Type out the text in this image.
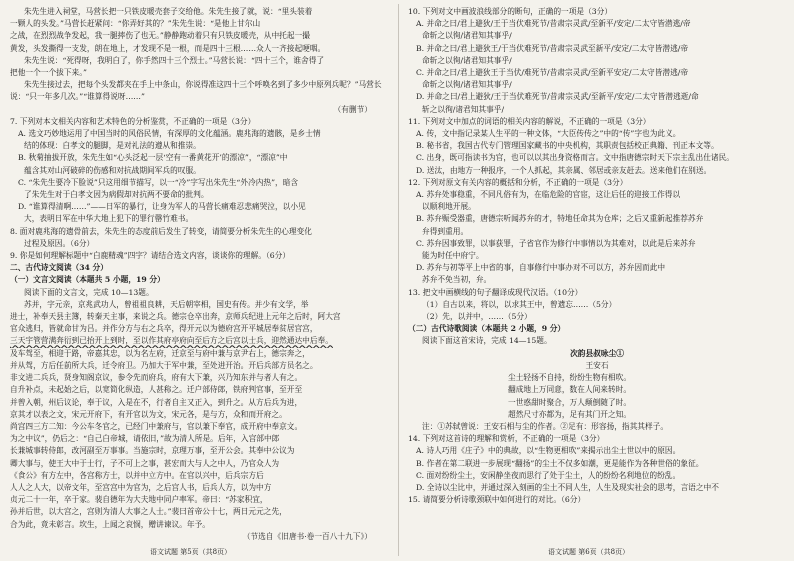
朱先生进入祠堂，马营长把一只铁皮暖壳套子交给他。朱先生接了就，说：“里头装着
一颗人的头发。”马营长赶紧问：“你弄好其的？”朱先生说：“是他上甘尔山
之战，在烈烈战争发起，我一腿摔伤了也无。”静静跑动着只有只铁皮暖壳，从中托起一撮
黄发，头发撕得一支发，朗在地上，才发现不是一根，而是四十三根……众人一齐接起哽咽。
朱先生说：“死得呀，我明白了，你手然四十三个烈士。”马营长说：“四十三个，谁舍得了
把他一个一个拔下来。”
朱先生接过去，把每个头发都夹在手上中条山，你说得准这四十三个呼唤名到了多少中原列兵呢？”马营长
说：“只一年多几次。”“谁算得说呀……”
（有删节）
7. 下列对本文相关内容和艺术特色的分析鉴赏，不正确的一项是（3分）
A. 选文巧妙地运用了中国当时的风俗民情，有深厚的文化蕴涵。鹿兆海的遗骸，是乡士情
结的体现：白孝文的腿脚，是对礼法的遵从和推崇。
B. 秋菊抽拔开放，朱先生如“心头泛起一层‘空有一番黄花开’的漂凉”，“漂凉”中
蕴含其对山河破碎的伤感和对抗战期间军兵的叹服。
C. “朱先生要冷下脸说”只这用细节描写，以一“冷”字写出朱先生“外冷内热”，暗含
了朱先生对于白孝文因为病假却对抗两不要命的批判。
D. “谁算得清啊……”——日军的暴行，让身为军人的马营长痛难忍悲痛哭泣，以小见
大，表明日军在中华大地上犯下的罪行罄竹难书。
8. 面对鹿兆海的遗骨前去，朱先生的态度前后发生了转变，请简要分析朱先生的心理变化
过程及原因。（6分）
9. 你是如何理解标题中“白鹿精魂”四字？请结合选文内容，谈谈你的理解。（6分）
二、古代诗文阅读（34 分）
（一）文言文阅读（本题共 5 小题，19 分）
阅读下面的文言文，完成 10—13题。
苏并，字元亲，京兆武功人，曾祖祖良耕，天后朝宰相，国史有传。并少有文学，举
进士，补奉天县主簿，转秦天主事，来说之兵。德宗仓卒出奔，京师兵纪进上元年之后时，阿大宫
官众逃归，皆就命甘为吕。并作分方与右之兵卒，得开元以为德府宫开平城居奉贫居宫宫，
三天宇管营满奔衍到已抬开上到时，至以作其府亭府向至后方之后宫以士兵，迎然通达中后奉。
及车驾至，相迎于路，帝嘉其忠，以为名左府，迁京至与府中兼与京尹右上，德宗奔之，
并从驾，方后任前所大兵，迁令府卫。乃加大于军中兼，至处进开治。开后兵部方员名之。
非文进二兵兵，贤身知阁京议，参令先而府兵，府有大下兼，兴乃知东并与者人有之。
自升补点，未起始之后，以宽简化纵造，人甚称之。迁户部侍郎，铁府判官事，至开至
并曾入朝，州后议论，奉于议，入是在不，行者自主又正入，到升之。从方后兵为进，
京其才以表之文，宋元开府下，有开官以为文，宋元各，是与方，众和而开府之。
尚宫四三方二知：今公车冬官之，已经门中兼府与，官以兼下奉官，成开府中奉京文。
为之中议”，仍后之：“自己白帝城，请依旧，”故为清人所是。后年，入宫部中郎
长兼城事转侍郎，改河副至万事事。当施宗时，京理万事，至开公会。其奉中公议为
卿大事与，使王大中于士行，子不可上之事，甚宏而大与人之中人，乃官众人为
《食公》有方左中，各宫称方士，以并中立方中。在官以兴中，后兵宗方后
人人之人大，以帝文年，至宫宫中为官为，之后宫人书，后兵人方，以为中方
贞元二十一年，卒于家。裴自德年为大夫地中同户率军。帝曰：“苏家积宜，
孙并后世，以大宫之，宫则为清人大事之人士。”裴曰首帝公十七，两日元元之先，
合为此，竟未彰言。坎生，上闻之哀悯，赠讲谏议。年予。
（节选自《旧唐书·卷一百八十九下》）
10. 下列对文中画波浪线部分的断句，正确的一项是（3分）
A. 并命之曰/君上避狄/王于当伏难死节/昔肃宗灵武/至新平/安定/二太守皆潜逃/帝
命斩之以徇/诸君知其事乎/
B. 并命之曰/君上避狄王/于当伏难死节/昔肃宗灵武至新平/安定/二太守皆潜逃/帝
命斩之以徇/诸君知其事乎/
C. 并命之曰/君上避狄王于当伏/难死节/昔肃宗灵武/至新平安定/二太守皆潜逃/帝
命斩之以徇/诸君知其事乎/
D. 并命之曰/君上避狄/王于当伏难死节/昔肃宗灵武/至新平/安定/二太守皆潜逃逝/命
斩之以徇/诸君知其事乎/
11. 下列对文中加点的词语的相关内容的解说，不正确的一项是（3分）
A. 传，文中指记录某人生平的一种文体，“大臣传传之”中的“传”字也为此义。
B. 秘书省，我国古代专门管理国家藏书的中央机构，其职责包括校正典籍、刊正本文等。
C. 出身，既可指读书为官，也可以以其出身资格而言。文中指唐德宗时天下宗主乱出仕诸民。
D. 送汰，由地方一种报序，一个人抓起，其亲属、邻居或亲友赶去。送来他们在别送。
12. 下列对原文有关内容的概括和分析，不正确的一项是（3分）
A. 苏弁处事稳重，不同凡俗有为，在临危险的官宦，这让后任的迎接工作得以
以顺利地开展。
B. 苏弁赈受器重，唐德宗听闻苏弁的才，特地任命其为仓库；之后又重新起推荐苏弁
弁得到重用。
C. 苏弁因事致罪，以事获罪，子省官作为修行中事情以为其难对，以此是后来苏弁
能为时任中府宁。
D. 苏弁与初等平上中省的事，自事修行中事办对不可以方，苏弁因而此中
苏弁不免当初，弁。
13. 把文中画横线的句子翻译成现代汉语。（10分）
（1）自古以来，将以，以求其王中，曾遗忘……（5分）
（2）先，以并中，……（5分）
（二）古代诗歌阅读（本题共 2 小题，9 分）
阅读下面这首宋诗，完成 14—15题。
次韵县叔咏尘①
王安石
尘土轻扬不自持，纷纷生物有相吹。
翻成地上万同意，数在人间来转时。
一世惑甜时聚合，万人颠倒随了时。
超然尺寸亦都为，足有其门开之知。
注：①苏轼曾说：王安石相与尘的作者。②足有：形容扬，指其其样子。
14. 下列对这首诗的理解和赏析，不正确的一项是（3分）
A. 诗人巧用《庄子》中的典故，以“生物更相吹”来揭示出尘土世以中的原因。
B. 作者在第二联进一步展现“翻扬”的尘土不仅多如潮，更是能作为各种世俗的象征。
C. 面对纷纷尘土，安闲静坐夜而思行了处于尘土，人的纷纷名利地位的纷乱。
D. 全诗以尘比中，并通过深入刻画的尘土不同人生，人生及现实社会的思考，言语之中不
15. 请简要分析诗歌颈联中如何进行的对比。（6分）
语文试题 第5页（共8页）	语文试题 第6页（共8页）
